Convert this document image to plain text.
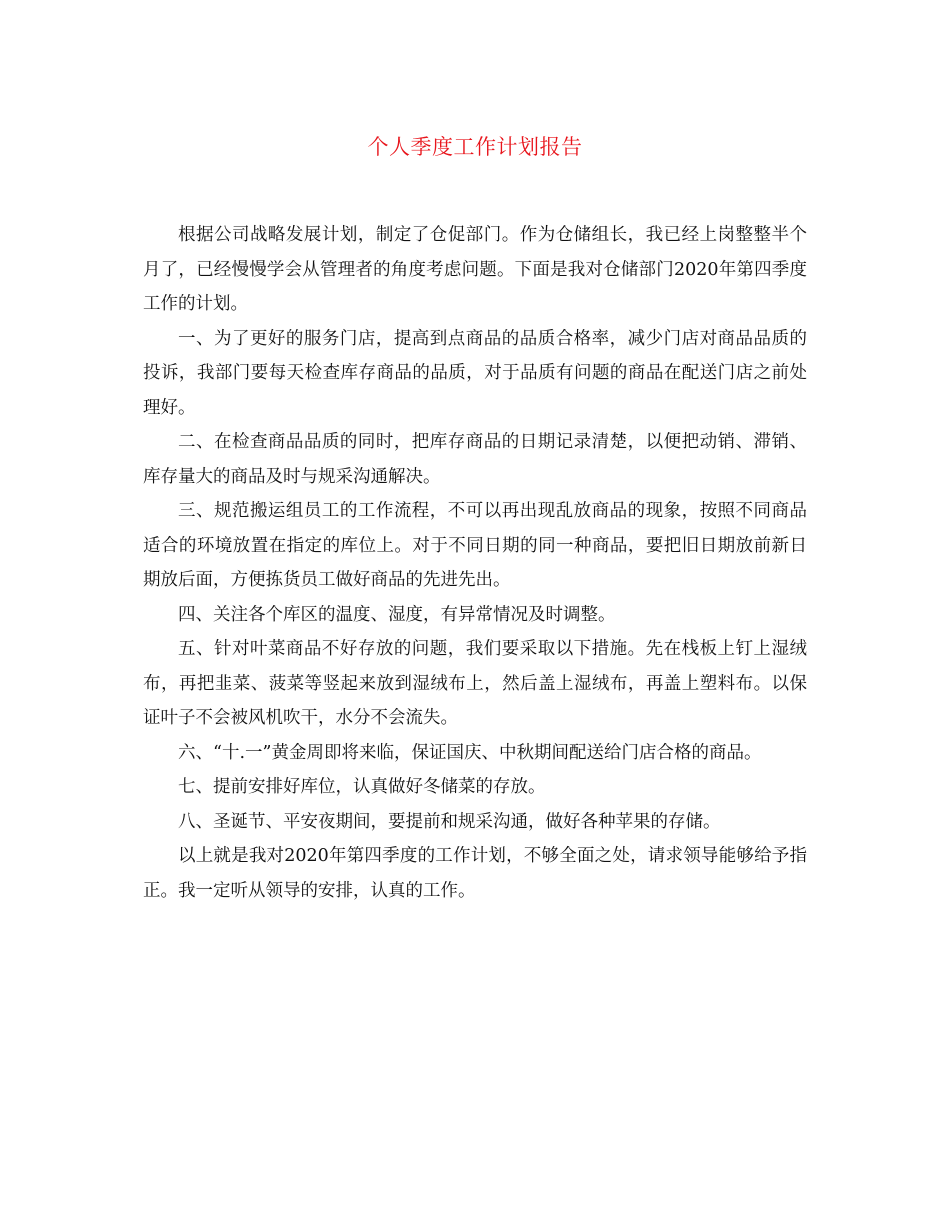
个人季度工作计划报告

根据公司战略发展计划，制定了仓促部门。作为仓储组长，我已经上岗整整半个月了，已经慢慢学会从管理者的角度考虑问题。下面是我对仓储部门2020年第四季度工作的计划。

一、为了更好的服务门店，提高到点商品的品质合格率，减少门店对商品品质的投诉，我部门要每天检查库存商品的品质，对于品质有问题的商品在配送门店之前处理好。

二、在检查商品品质的同时，把库存商品的日期记录清楚，以便把动销、滞销、库存量大的商品及时与规采沟通解决。

三、规范搬运组员工的工作流程，不可以再出现乱放商品的现象，按照不同商品适合的环境放置在指定的库位上。对于不同日期的同一种商品，要把旧日期放前新日期放后面，方便拣货员工做好商品的先进先出。

四、关注各个库区的温度、湿度，有异常情况及时调整。

五、针对叶菜商品不好存放的问题，我们要采取以下措施。先在栈板上钉上湿绒布，再把韭菜、菠菜等竖起来放到湿绒布上，然后盖上湿绒布，再盖上塑料布。以保证叶子不会被风机吹干，水分不会流失。

六、“十.一”黄金周即将来临，保证国庆、中秋期间配送给门店合格的商品。

七、提前安排好库位，认真做好冬储菜的存放。

八、圣诞节、平安夜期间，要提前和规采沟通，做好各种苹果的存储。

以上就是我对2020年第四季度的工作计划，不够全面之处，请求领导能够给予指正。我一定听从领导的安排，认真的工作。
